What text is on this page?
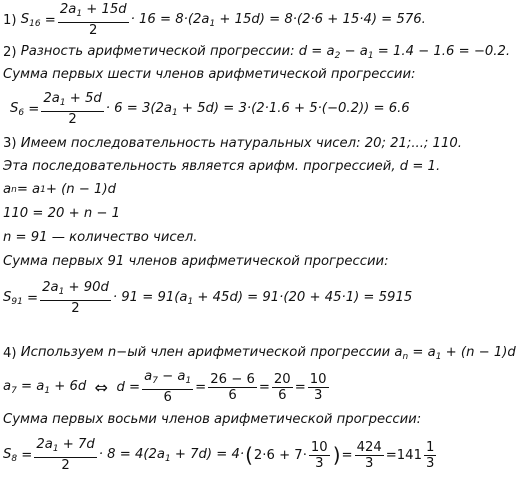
1)
$S_{16}$
= $\frac{2a_1 + 15d}{2} \cdot 16 = 8\cdot(2a_1 + 15d) = 8\cdot(2\cdot 6 + 15\cdot 4) = 576$.
2)
Разность арифметической прогрессии: $d = a_2 - a_1 = 1.4 - 1.6 = -0.2$.
Сумма первых шести членов арифметической прогрессии:
$S_6 = \frac{2a_1 + 5d}{2} \cdot 6 = 3(2a_1 + 5d) = 3\cdot(2\cdot 1.6 + 5\cdot(-0.2)) = 6.6$
3)
Имеем последовательность натуральных чисел: 20; 21;...; 110.
Эта последовательность является арифм. прогрессией, d = 1.
a n = a 1 + (n − 1)d
110 = 20 + n − 1
n = 91 — количество чисел.
Сумма первых 91 членов арифметической прогрессии:
$S_{91} = \frac{2a_1 + 90d}{2} \cdot 91 = 91(a_1 + 45d) = 91\cdot(20 + 45\cdot 1) = 5915$
4)
Используем n−ый член арифметической прогрессии $a_n = a_1 + (n - 1)d$
$a_7 = a_1 + 6d$
⇔
$d = \frac{a_7 - a_1}{6} = \frac{26 - 6}{6} = \frac{20}{6} = \frac{10}{3}$
Сумма первых восьми членов арифметической прогрессии:
$S_8 = \frac{2a_1 + 7d}{2} \cdot 8 = 4(2a_1 + 7d) = 4\cdot$ ( $2\cdot 6 + 7\cdot \frac{10}{3}$ ) = $\frac{424}{3} = 141 \frac{1}{3}$
